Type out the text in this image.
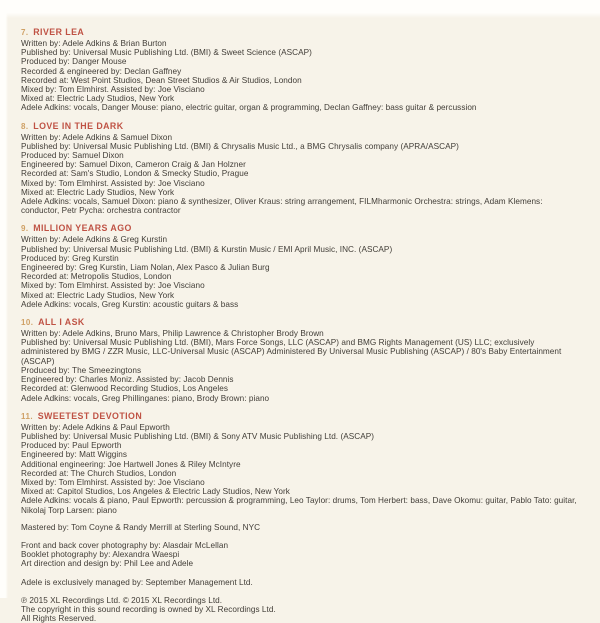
7. RIVER LEA
Written by: Adele Adkins & Brian Burton
Published by: Universal Music Publishing Ltd. (BMI) & Sweet Science (ASCAP)
Produced by: Danger Mouse
Recorded & engineered by: Declan Gaffney
Recorded at: West Point Studios, Dean Street Studios & Air Studios, London
Mixed by: Tom Elmhirst. Assisted by: Joe Visciano
Mixed at: Electric Lady Studios, New York
Adele Adkins: vocals, Danger Mouse: piano, electric guitar, organ & programming, Declan Gaffney: bass guitar & percussion
8. LOVE IN THE DARK
Written by: Adele Adkins & Samuel Dixon
Published by: Universal Music Publishing Ltd. (BMI) & Chrysalis Music Ltd., a BMG Chrysalis company (APRA/ASCAP)
Produced by: Samuel Dixon
Engineered by: Samuel Dixon, Cameron Craig & Jan Holzner
Recorded at: Sam's Studio, London & Smecky Studio, Prague
Mixed by: Tom Elmhirst. Assisted by: Joe Visciano
Mixed at: Electric Lady Studios, New York
Adele Adkins: vocals, Samuel Dixon: piano & synthesizer, Oliver Kraus: string arrangement, FILMharmonic Orchestra: strings, Adam Klemens: conductor, Petr Pycha: orchestra contractor
9. MILLION YEARS AGO
Written by: Adele Adkins & Greg Kurstin
Published by: Universal Music Publishing Ltd. (BMI) & Kurstin Music / EMI April Music, INC. (ASCAP)
Produced by: Greg Kurstin
Engineered by: Greg Kurstin, Liam Nolan, Alex Pasco & Julian Burg
Recorded at: Metropolis Studios, London
Mixed by: Tom Elmhirst. Assisted by: Joe Visciano
Mixed at: Electric Lady Studios, New York
Adele Adkins: vocals, Greg Kurstin: acoustic guitars & bass
10. ALL I ASK
Written by: Adele Adkins, Bruno Mars, Philip Lawrence & Christopher Brody Brown
Published by: Universal Music Publishing Ltd. (BMI), Mars Force Songs, LLC (ASCAP) and BMG Rights Management (US) LLC; exclusively administered by BMG / ZZR Music, LLC-Universal Music (ASCAP) Administered By Universal Music Publishing (ASCAP) / 80's Baby Entertainment (ASCAP)
Produced by: The Smeezingtons
Engineered by: Charles Moniz. Assisted by: Jacob Dennis
Recorded at: Glenwood Recording Studios, Los Angeles
Adele Adkins: vocals, Greg Phillinganes: piano, Brody Brown: piano
11. SWEETEST DEVOTION
Written by: Adele Adkins & Paul Epworth
Published by: Universal Music Publishing Ltd. (BMI) & Sony ATV Music Publishing Ltd. (ASCAP)
Produced by: Paul Epworth
Engineered by: Matt Wiggins
Additional engineering: Joe Hartwell Jones & Riley McIntyre
Recorded at: The Church Studios, London
Mixed by: Tom Elmhirst. Assisted by: Joe Visciano
Mixed at: Capitol Studios, Los Angeles & Electric Lady Studios, New York
Adele Adkins: vocals & piano, Paul Epworth: percussion & programming, Leo Taylor: drums, Tom Herbert: bass, Dave Okomu: guitar, Pablo Tato: guitar, Nikolaj Torp Larsen: piano
Mastered by: Tom Coyne & Randy Merrill at Sterling Sound, NYC
Front and back cover photography by: Alasdair McLellan
Booklet photography by: Alexandra Waespi
Art direction and design by: Phil Lee and Adele
Adele is exclusively managed by: September Management Ltd.
℗ 2015 XL Recordings Ltd. © 2015 XL Recordings Ltd.
The copyright in this sound recording is owned by XL Recordings Ltd.
All Rights Reserved.
